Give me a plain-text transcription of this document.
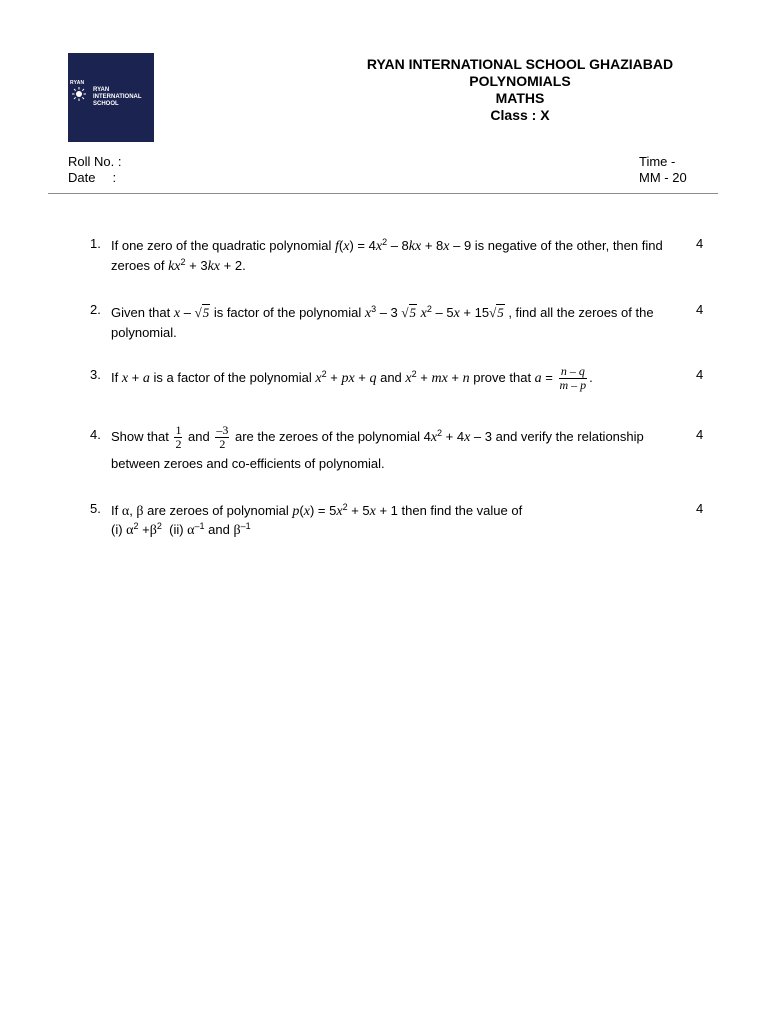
RYAN
RYAN
INTERNATIONAL
SCHOOL
RYAN INTERNATIONAL SCHOOL GHAZIABAD
POLYNOMIALS
MATHS
Class : X
Roll No. :
Date :
Time -
MM - 20
1.	4
If one zero of the quadratic polynomial $f(x) = 4x^2 - 8kx + 8x - 9$ is negative of the other, then find zeroes of $kx^2 + 3kx + 2$.
2.	4
Given that x – √5 is factor of the polynomial $x^3 - 3$ √5 $x^2 - 5x + 15√5$ , find all the zeroes of the polynomial.
3.	4
If x + a is a factor of the polynomial $x^2$ + px + q and $x^2$ + mx + n prove that $a = \frac{n - q}{m - p}$ .
4.	4
Show that $\frac{1}{2}$ and $\frac{-3}{2}$ are the zeroes of the polynomial $4x^2 + 4x - 3$ and verify the relationship between zeroes and co-efficients of polynomial.
5.	4
If α, β are zeroes of polynomial $p(x) = 5x^2 + 5x + 1$ then find the value of
(i) $\alpha^2 +\beta^2$  (ii) $\alpha^{-1}$ and $\beta^{-1}$
